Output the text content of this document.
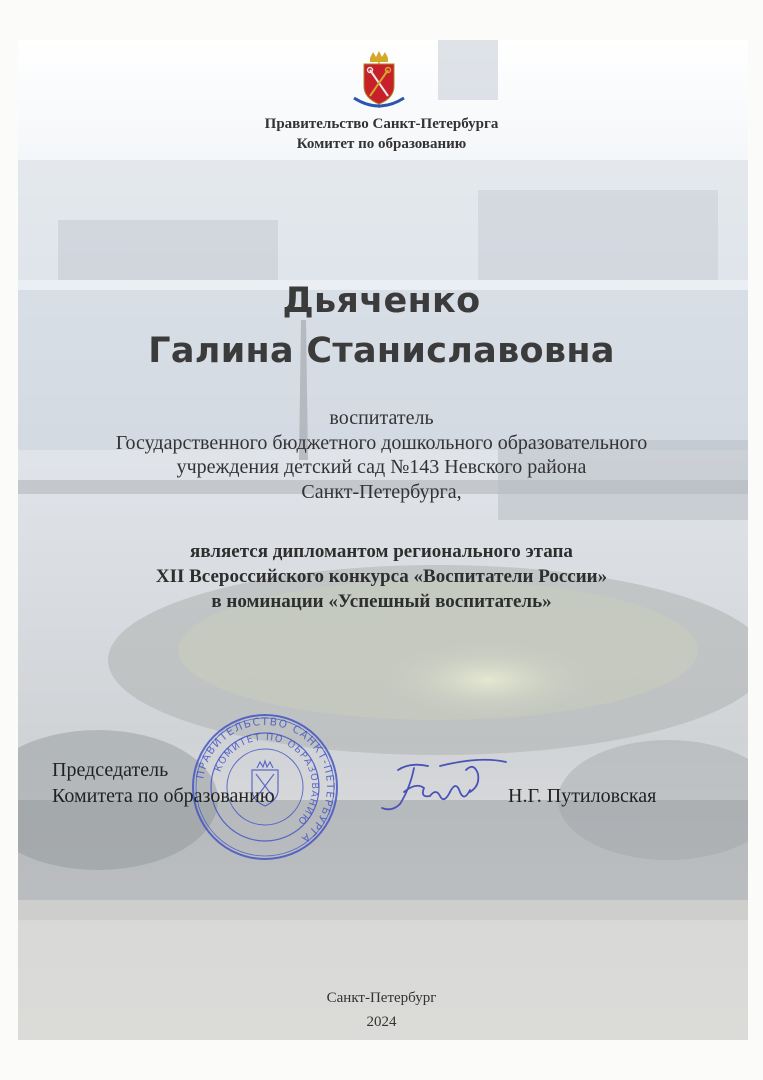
Правительство Санкт-Петербурга
Комитет по образованию
Дьяченко
Галина Станиславовна
воспитатель
Государственного бюджетного дошкольного образовательного
учреждения детский сад №143 Невского района
Санкт-Петербурга,
является дипломантом регионального этапа
XII Всероссийского конкурса «Воспитатели России»
в номинации «Успешный воспитатель»
ПРАВИТЕЛЬСТВО САНКТ-ПЕТЕРБУРГА
КОМИТЕТ ПО ОБРАЗОВАНИЮ
Председатель
Комитета по образованию	Н.Г. Путиловская
Санкт-Петербург
2024
